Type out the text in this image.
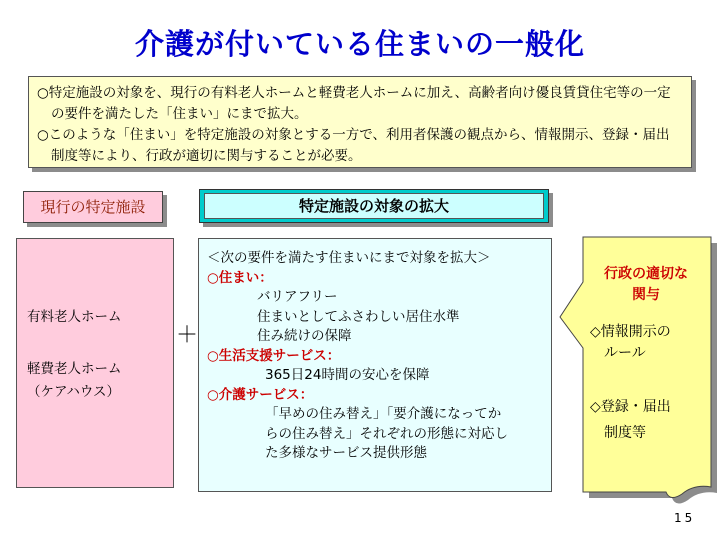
介護が付いている住まいの一般化

○特定施設の対象を、現行の有料老人ホームと軽費老人ホームに加え、高齢者向け優良賃貸住宅等の一定の要件を満たした「住まい」にまで拡大。

○このような「住まい」を特定施設の対象とする一方で、利用者保護の観点から、情報開示、登録・届出制度等により、行政が適切に関与することが必要。

現行の特定施設	特定施設の対象の拡大
有料老人ホーム
軽費老人ホーム
（ケアハウス）
＋
＜次の要件を満たす住まいにまで対象を拡大＞
○住まい：
バリアフリー
住まいとしてふさわしい居住水準
住み続けの保障
○生活支援サービス：
365日24時間の安心を保障
○介護サービス：
「早めの住み替え」「要介護になってか
らの住み替え」それぞれの形態に対応し
た多様なサービス提供形態
行政の適切な
関与
◇情報開示の
ルール
◇登録・届出
制度等
15
